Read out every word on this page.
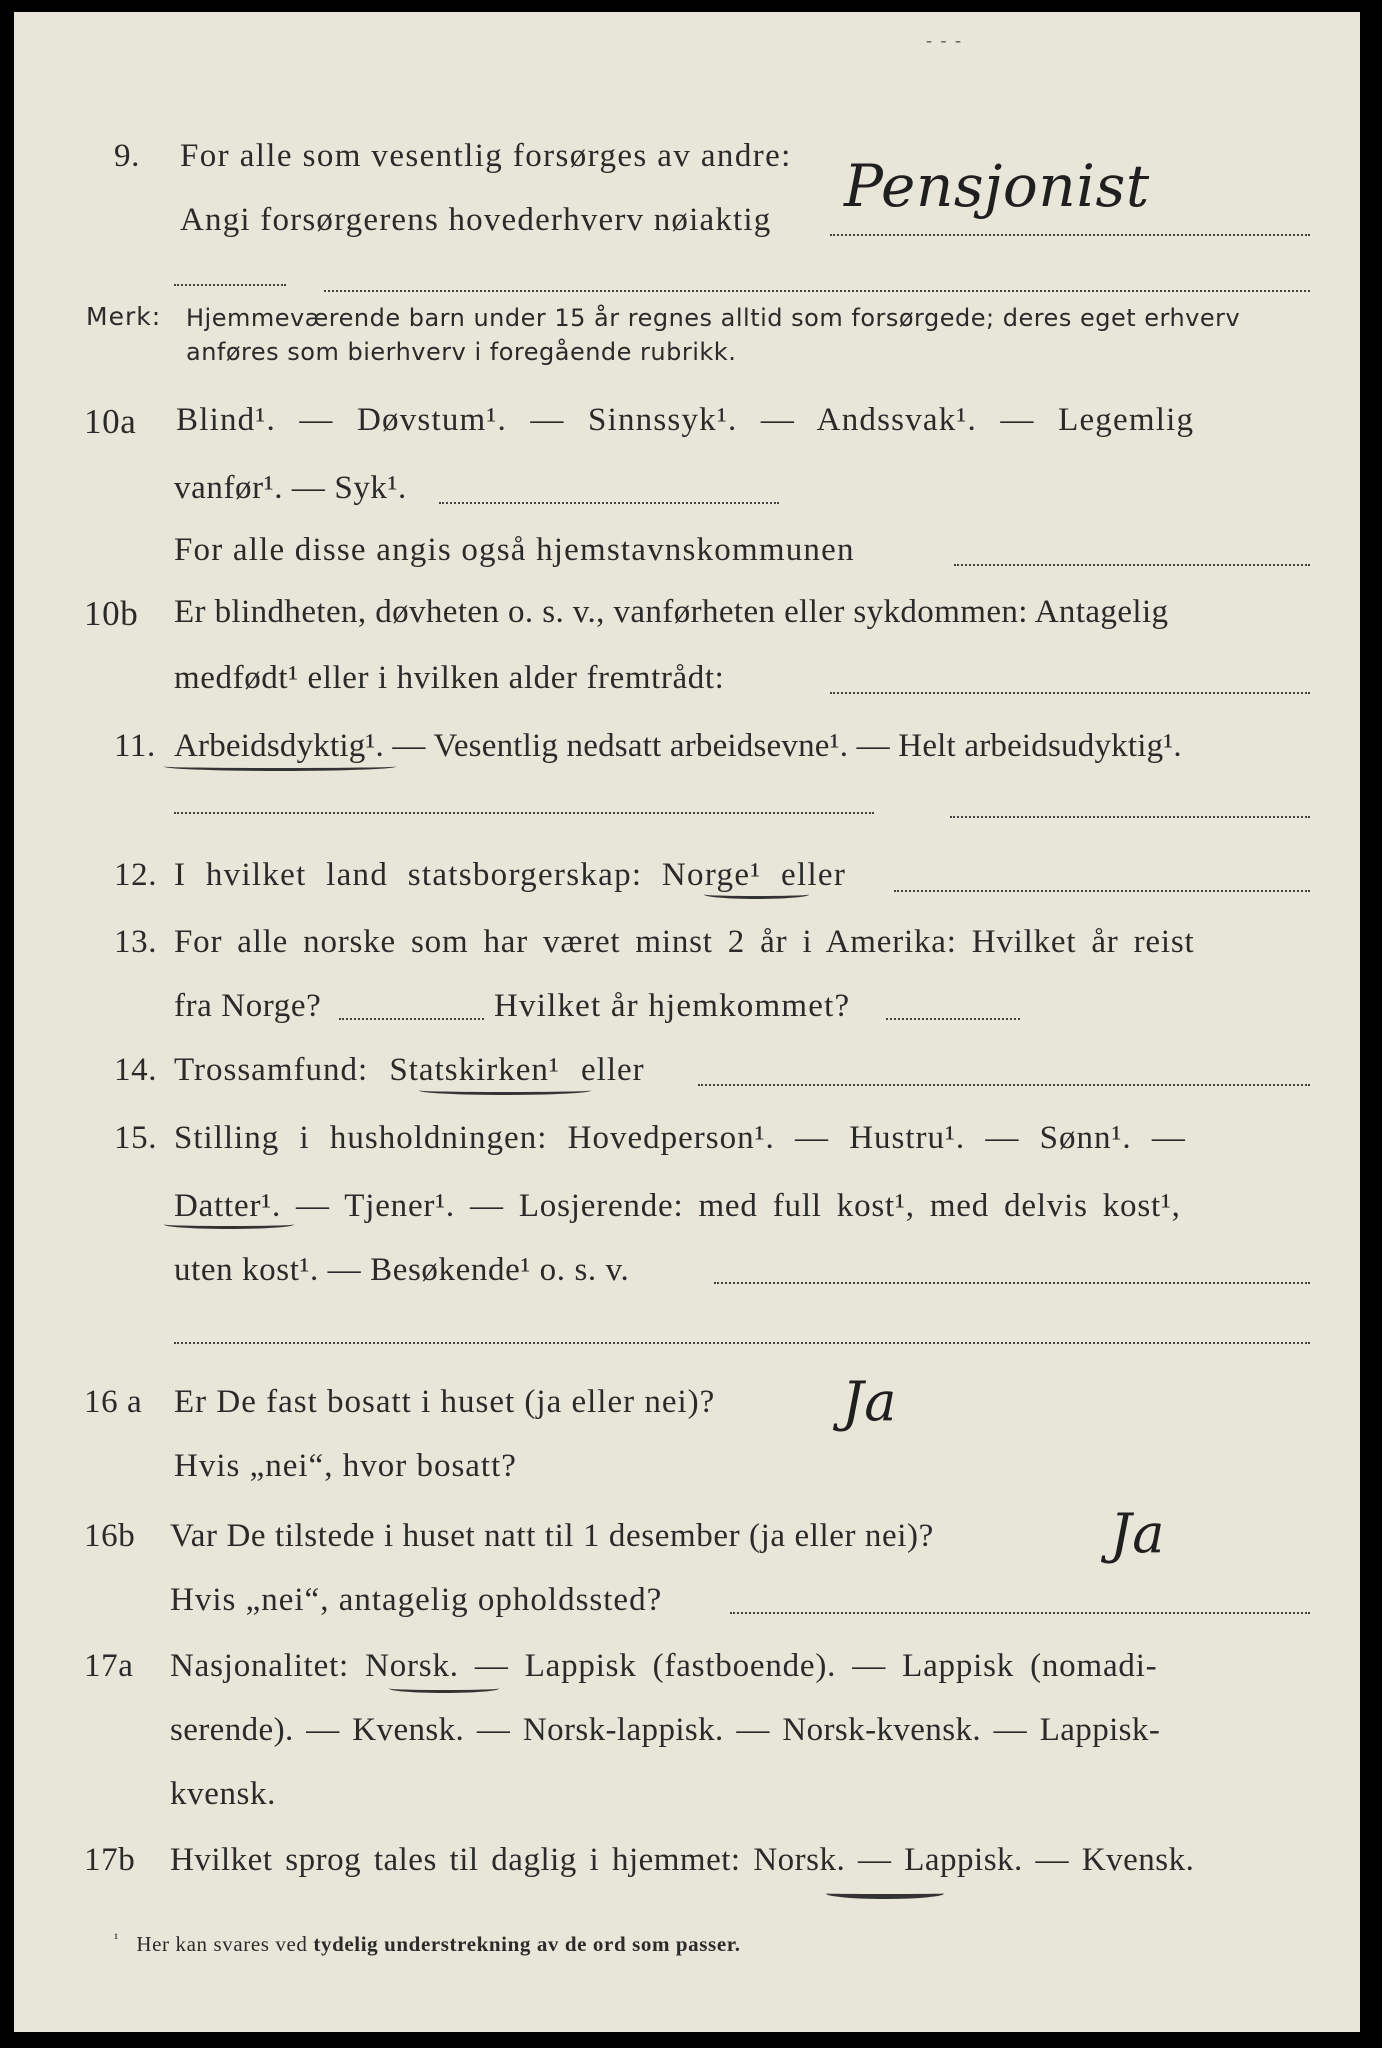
- - -
9. For alle som vesentlig forsørges av andre:
Angi forsørgerens hovederhverv nøiaktig Pensjonist
Merk: Hjemmeværende barn under 15 år regnes alltid som forsørgede; deres eget erhverv
anføres som bierhverv i foregående rubrikk.
10a Blind¹. — Døvstum¹. — Sinnssyk¹. — Andssvak¹. — Legemlig
vanfør¹. — Syk¹.
For alle disse angis også hjemstavnskommunen
10b Er blindheten, døvheten o. s. v., vanførheten eller sykdommen: Antagelig
medfødt¹ eller i hvilken alder fremtrådt:
11. Arbeidsdyktig¹. — Vesentlig nedsatt arbeidsevne¹. — Helt arbeidsudyktig¹.
12. I hvilket land statsborgerskap: Norge¹ eller
13. For alle norske som har været minst 2 år i Amerika: Hvilket år reist
fra Norge?	Hvilket år hjemkommet?
14. Trossamfund: Statskirken¹ eller
15. Stilling i husholdningen: Hovedperson¹. — Hustru¹. — Sønn¹. —
Datter¹. — Tjener¹. — Losjerende: med full kost¹, med delvis kost¹,
uten kost¹. — Besøkende¹ o. s. v.
16 a Er De fast bosatt i huset (ja eller nei)? Ja
Hvis „nei“, hvor bosatt?
16b Var De tilstede i huset natt til 1 desember (ja eller nei)?	Ja
Hvis „nei“, antagelig opholdssted?
17a Nasjonalitet: Norsk. — Lappisk (fastboende). — Lappisk (nomadi-
serende). — Kvensk. — Norsk-lappisk. — Norsk-kvensk. — Lappisk-
kvensk.
17b Hvilket sprog tales til daglig i hjemmet: Norsk. — Lappisk. — Kvensk.
$^{^1}$ Her kan svares ved tydelig understrekning av de ord som passer.
